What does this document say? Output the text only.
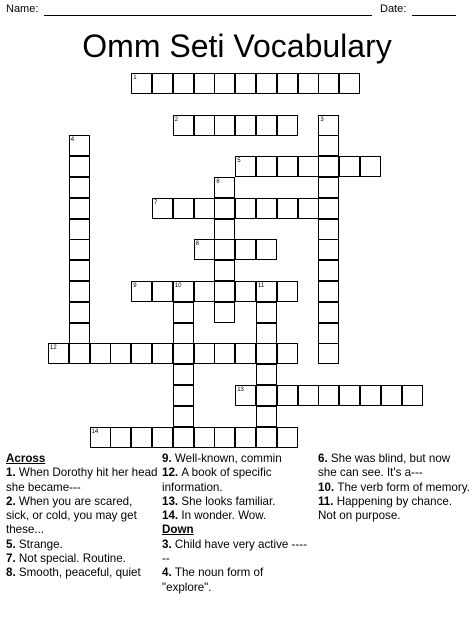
Name:	Date:
Omm Seti Vocabulary
1
2	3
4
5
6
7
8
9	10	11
12
13
14
Across
1. When Dorothy hit her head she became---
2. When you are scared, sick, or cold, you may get these...
5. Strange.
7. Not special. Routine.
8. Smooth, peaceful, quiet
9. Well-known, commin
12. A book of specific information.
13. She looks familiar.
14. In wonder. Wow.
Down
3. Child have very active ------
4. The noun form of "explore".
6. She was blind, but now she can see. It's a---
10. The verb form of memory.
11. Happening by chance. Not on purpose.
